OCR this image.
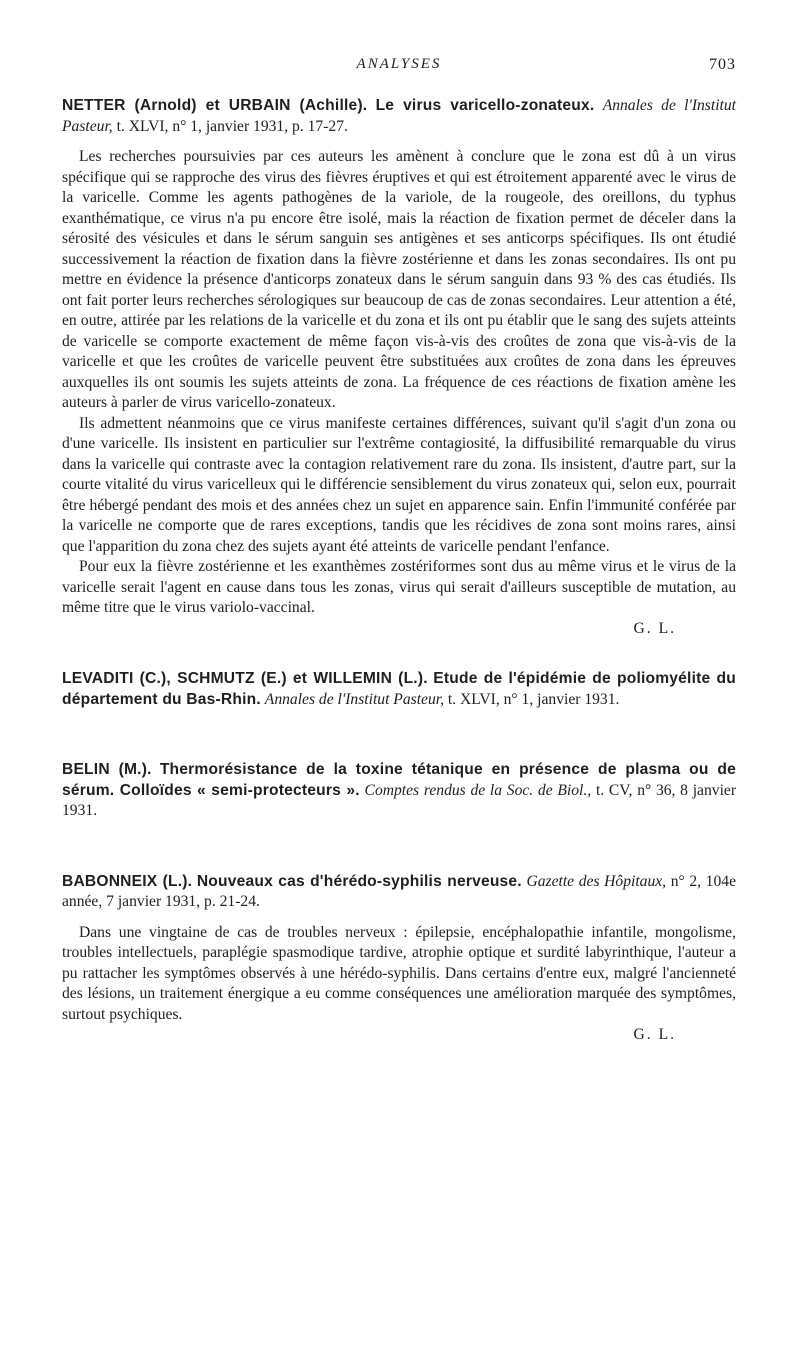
ANALYSES	703
NETTER (Arnold) et URBAIN (Achille). Le virus varicello-zonateux. Annales de l'Institut Pasteur, t. XLVI, n° 1, janvier 1931, p. 17-27.

Les recherches poursuivies par ces auteurs les amènent à conclure que le zona est dû à un virus spécifique qui se rapproche des virus des fièvres éruptives et qui est étroitement apparenté avec le virus de la varicelle. Comme les agents pathogènes de la variole, de la rougeole, des oreillons, du typhus exanthématique, ce virus n'a pu encore être isolé, mais la réaction de fixation permet de déceler dans la sérosité des vésicules et dans le sérum sanguin ses antigènes et ses anticorps spécifiques. Ils ont étudié successivement la réaction de fixation dans la fièvre zostérienne et dans les zonas secondaires. Ils ont pu mettre en évidence la présence d'anticorps zonateux dans le sérum sanguin dans 93 % des cas étudiés. Ils ont fait porter leurs recherches sérologiques sur beaucoup de cas de zonas secondaires. Leur attention a été, en outre, attirée par les relations de la varicelle et du zona et ils ont pu établir que le sang des sujets atteints de varicelle se comporte exactement de même façon vis-à-vis des croûtes de zona que vis-à-vis de la varicelle et que les croûtes de varicelle peuvent être substituées aux croûtes de zona dans les épreuves auxquelles ils ont soumis les sujets atteints de zona. La fréquence de ces réactions de fixation amène les auteurs à parler de virus varicello-zonateux.

Ils admettent néanmoins que ce virus manifeste certaines différences, suivant qu'il s'agit d'un zona ou d'une varicelle. Ils insistent en particulier sur l'extrême contagiosité, la diffusibilité remarquable du virus dans la varicelle qui contraste avec la contagion relativement rare du zona. Ils insistent, d'autre part, sur la courte vitalité du virus varicelleux qui le différencie sensiblement du virus zonateux qui, selon eux, pourrait être hébergé pendant des mois et des années chez un sujet en apparence sain. Enfin l'immunité conférée par la varicelle ne comporte que de rares exceptions, tandis que les récidives de zona sont moins rares, ainsi que l'apparition du zona chez des sujets ayant été atteints de varicelle pendant l'enfance.

Pour eux la fièvre zostérienne et les exanthèmes zostériformes sont dus au même virus et le virus de la varicelle serait l'agent en cause dans tous les zonas, virus qui serait d'ailleurs susceptible de mutation, au même titre que le virus variolo-vaccinal.

G. L.
LEVADITI (C.), SCHMUTZ (E.) et WILLEMIN (L.). Etude de l'épidémie de poliomyélite du département du Bas-Rhin. Annales de l'Institut Pasteur, t. XLVI, n° 1, janvier 1931.
BELIN (M.). Thermorésistance de la toxine tétanique en présence de plasma ou de sérum. Colloïdes « semi-protecteurs ». Comptes rendus de la Soc. de Biol., t. CV, n° 36, 8 janvier 1931.
BABONNEIX (L.). Nouveaux cas d'hérédo-syphilis nerveuse. Gazette des Hôpitaux, n° 2, 104e année, 7 janvier 1931, p. 21-24.

Dans une vingtaine de cas de troubles nerveux : épilepsie, encéphalopathie infantile, mongolisme, troubles intellectuels, paraplégie spasmodique tardive, atrophie optique et surdité labyrinthique, l'auteur a pu rattacher les symptômes observés à une hérédo-syphilis. Dans certains d'entre eux, malgré l'ancienneté des lésions, un traitement énergique a eu comme conséquences une amélioration marquée des symptômes, surtout psychiques.

G. L.
